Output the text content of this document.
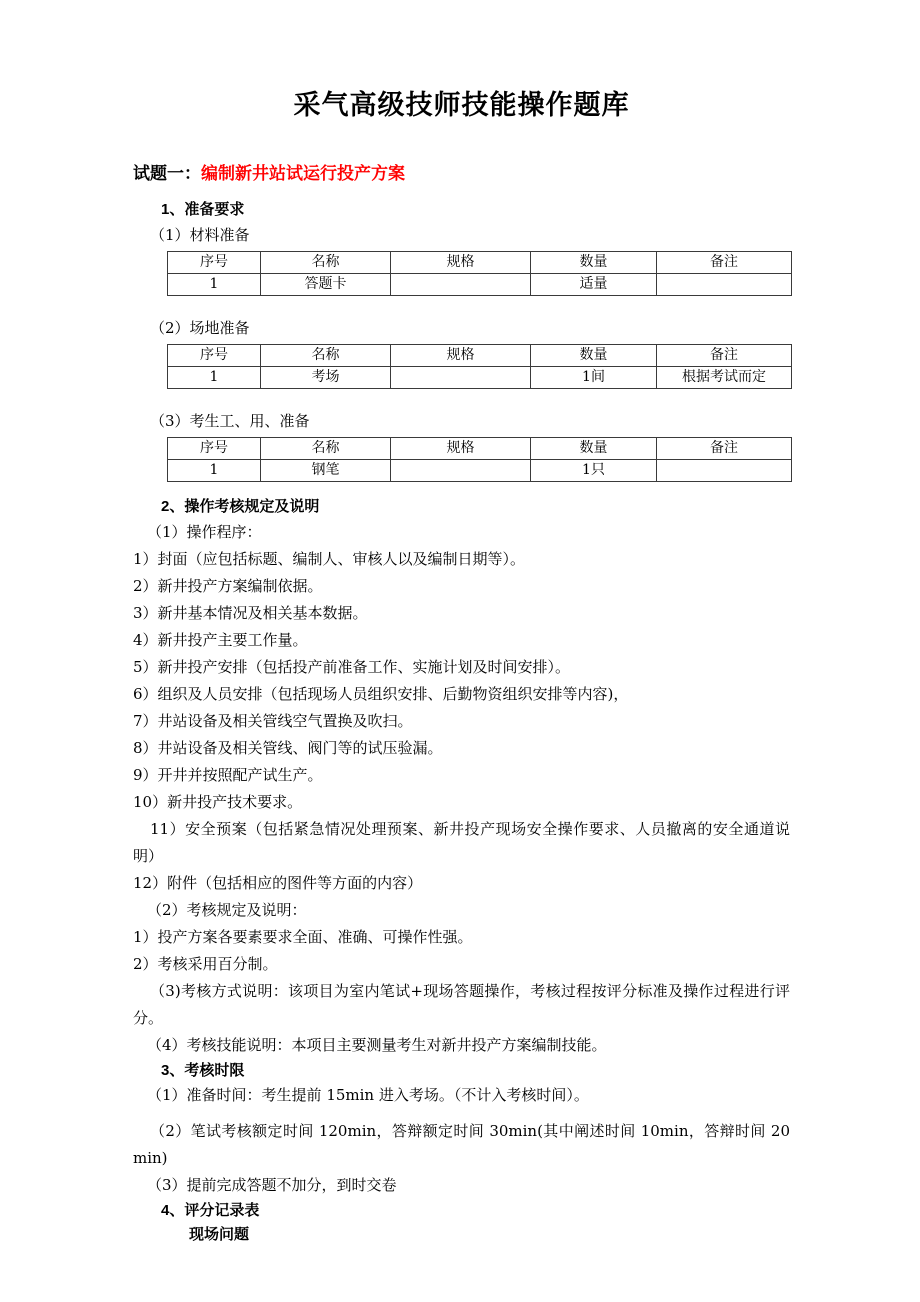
采气高级技师技能操作题库

试题一：编制新井站试运行投产方案

1、准备要求

（1）材料准备

序号	名称	规格	数量	备注
1	答题卡		适量	

（2）场地准备

序号	名称	规格	数量	备注
1	考场		1间	根据考试而定

（3）考生工、用、准备

序号	名称	规格	数量	备注
1	钢笔		1只	

2、操作考核规定及说明

（1）操作程序：

1）封面（应包括标题、编制人、审核人以及编制日期等）。

2）新井投产方案编制依据。

3）新井基本情况及相关基本数据。

4）新井投产主要工作量。

5）新井投产安排（包括投产前准备工作、实施计划及时间安排）。

6）组织及人员安排（包括现场人员组织安排、后勤物资组织安排等内容)，

7）井站设备及相关管线空气置换及吹扫。

8）井站设备及相关管线、阀门等的试压验漏。

9）开井并按照配产试生产。

10）新井投产技术要求。

11）安全预案（包括紧急情况处理预案、新井投产现场安全操作要求、人员撤离的安全通道说明）

12）附件（包括相应的图件等方面的内容）

（2）考核规定及说明：

1）投产方案各要素要求全面、准确、可操作性强。

2）考核采用百分制。

（3)考核方式说明：该项目为室内笔试+现场答题操作，考核过程按评分标准及操作过程进行评分。

（4）考核技能说明：本项目主要测量考生对新井投产方案编制技能。

3、考核时限

（1）准备时间：考生提前 15min 进入考场。（不计入考核时间）。

（2）笔试考核额定时间 120min，答辩额定时间 30min(其中阐述时间 10min，答辩时间 20min)

（3）提前完成答题不加分，到时交卷

4、评分记录表

现场问题
